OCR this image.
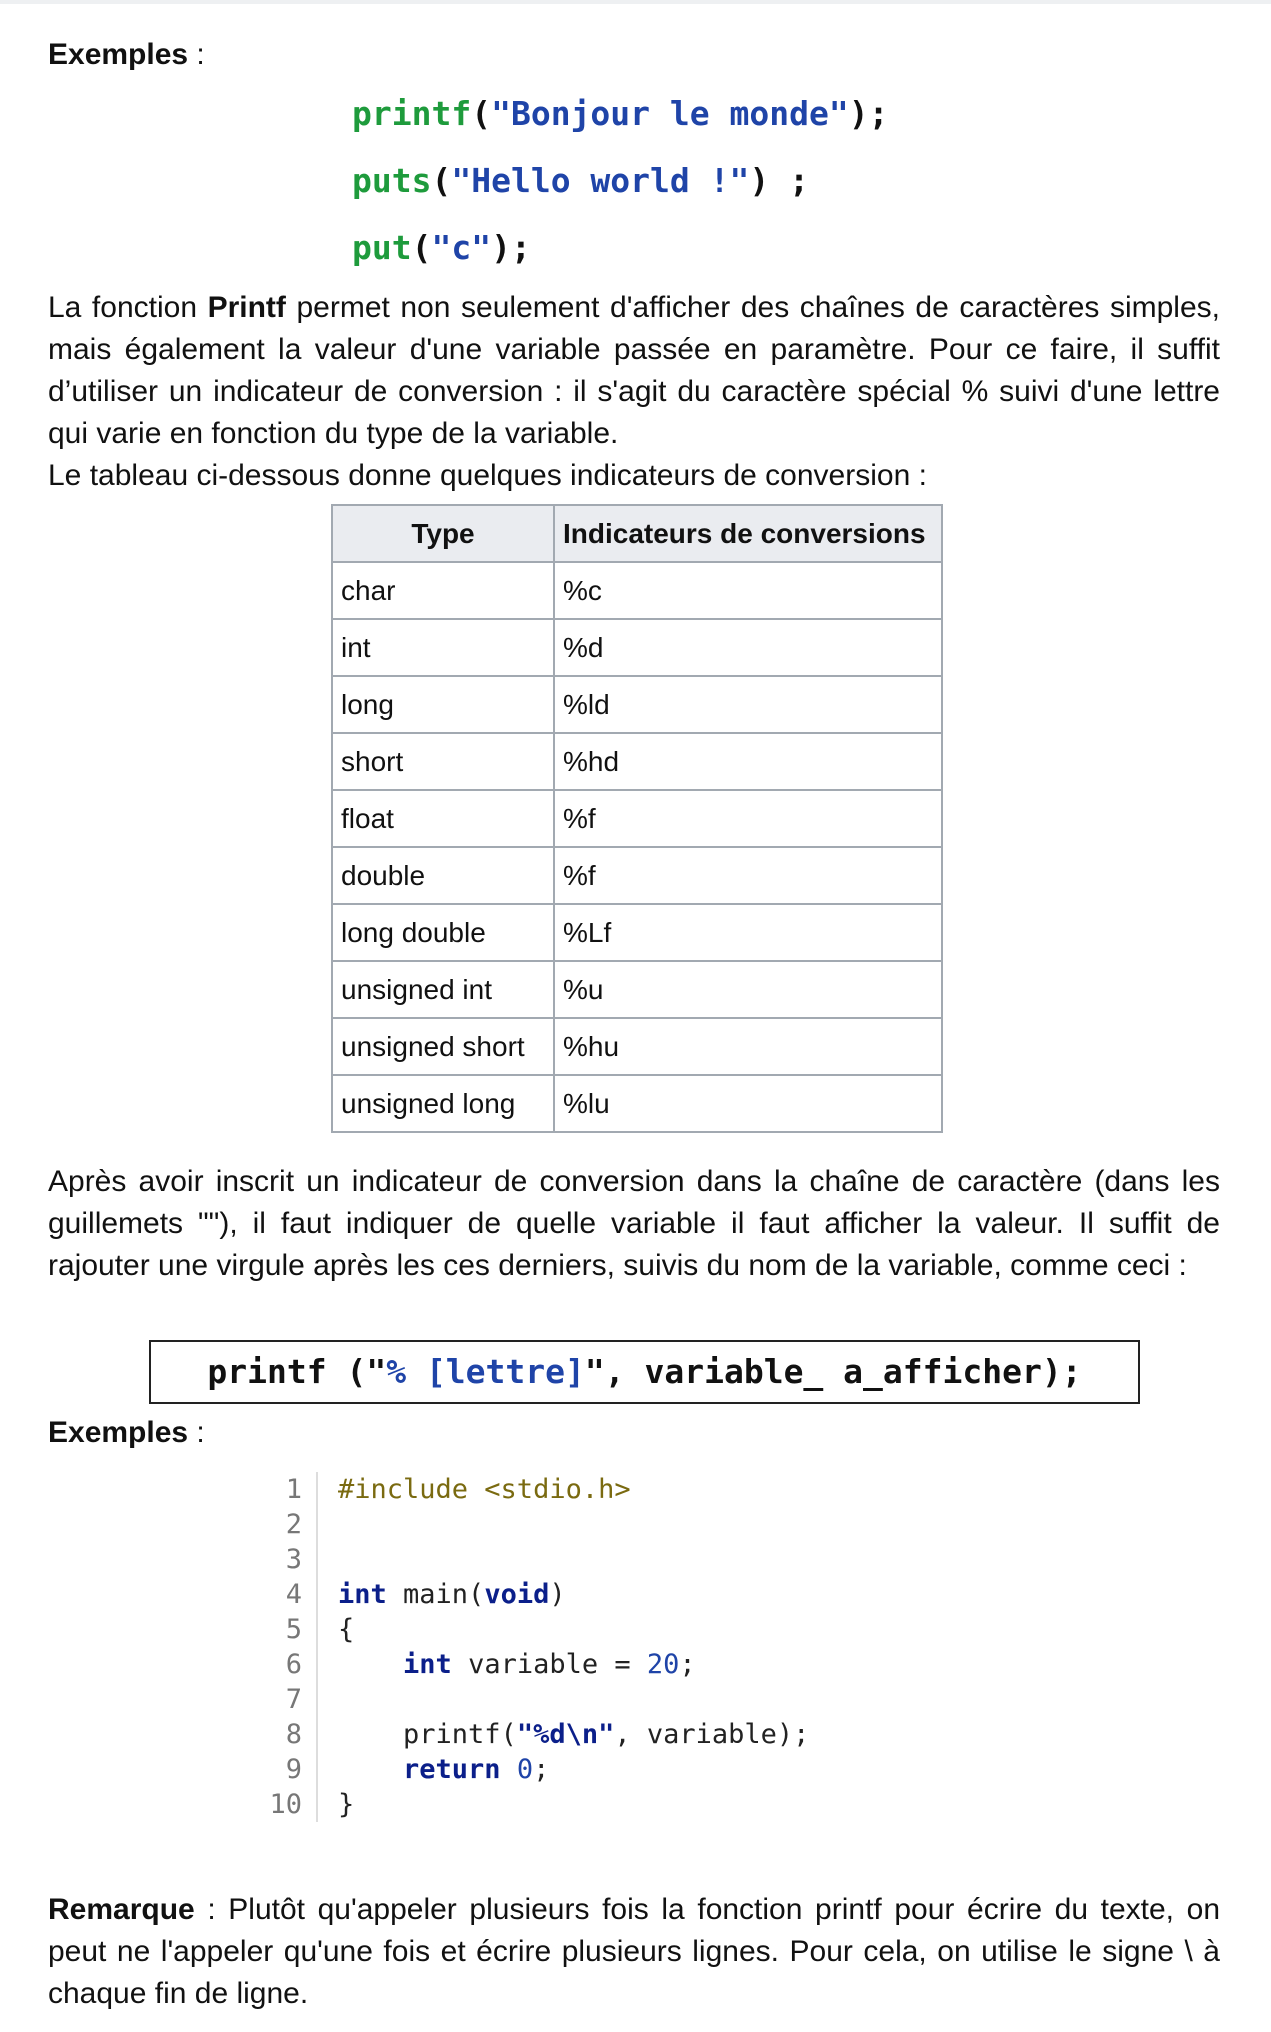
Exemples :
printf("Bonjour le monde");
puts("Hello world !") ;
put("c");
La fonction Printf permet non seulement d'afficher des chaînes de caractères simples, mais également la valeur d'une variable passée en paramètre. Pour ce faire, il suffit d’utiliser un indicateur de conversion : il s'agit du caractère spécial % suivi d'une lettre qui varie en fonction du type de la variable.
Le tableau ci-dessous donne quelques indicateurs de conversion :
Type	Indicateurs de conversions
char	%c
int	%d
long	%ld
short	%hd
float	%f
double	%f
long double	%Lf
unsigned int	%u
unsigned short	%hu
unsigned long	%lu
Après avoir inscrit un indicateur de conversion dans la chaîne de caractère (dans les guillemets ""), il faut indiquer de quelle variable il faut afficher la valeur. Il suffit de rajouter une virgule après les ces derniers, suivis du nom de la variable, comme ceci :
printf ("% [lettre]", variable_ a_afficher);
Exemples :
1	#include <stdio.h>
2
3
4	int main(void)
5	{
6	int variable = 20;
7
8	printf("%d\n", variable);
9	return 0;
10	}
Remarque : Plutôt qu'appeler plusieurs fois la fonction printf pour écrire du texte, on peut ne l'appeler qu'une fois et écrire plusieurs lignes. Pour cela, on utilise le signe \ à chaque fin de ligne.
